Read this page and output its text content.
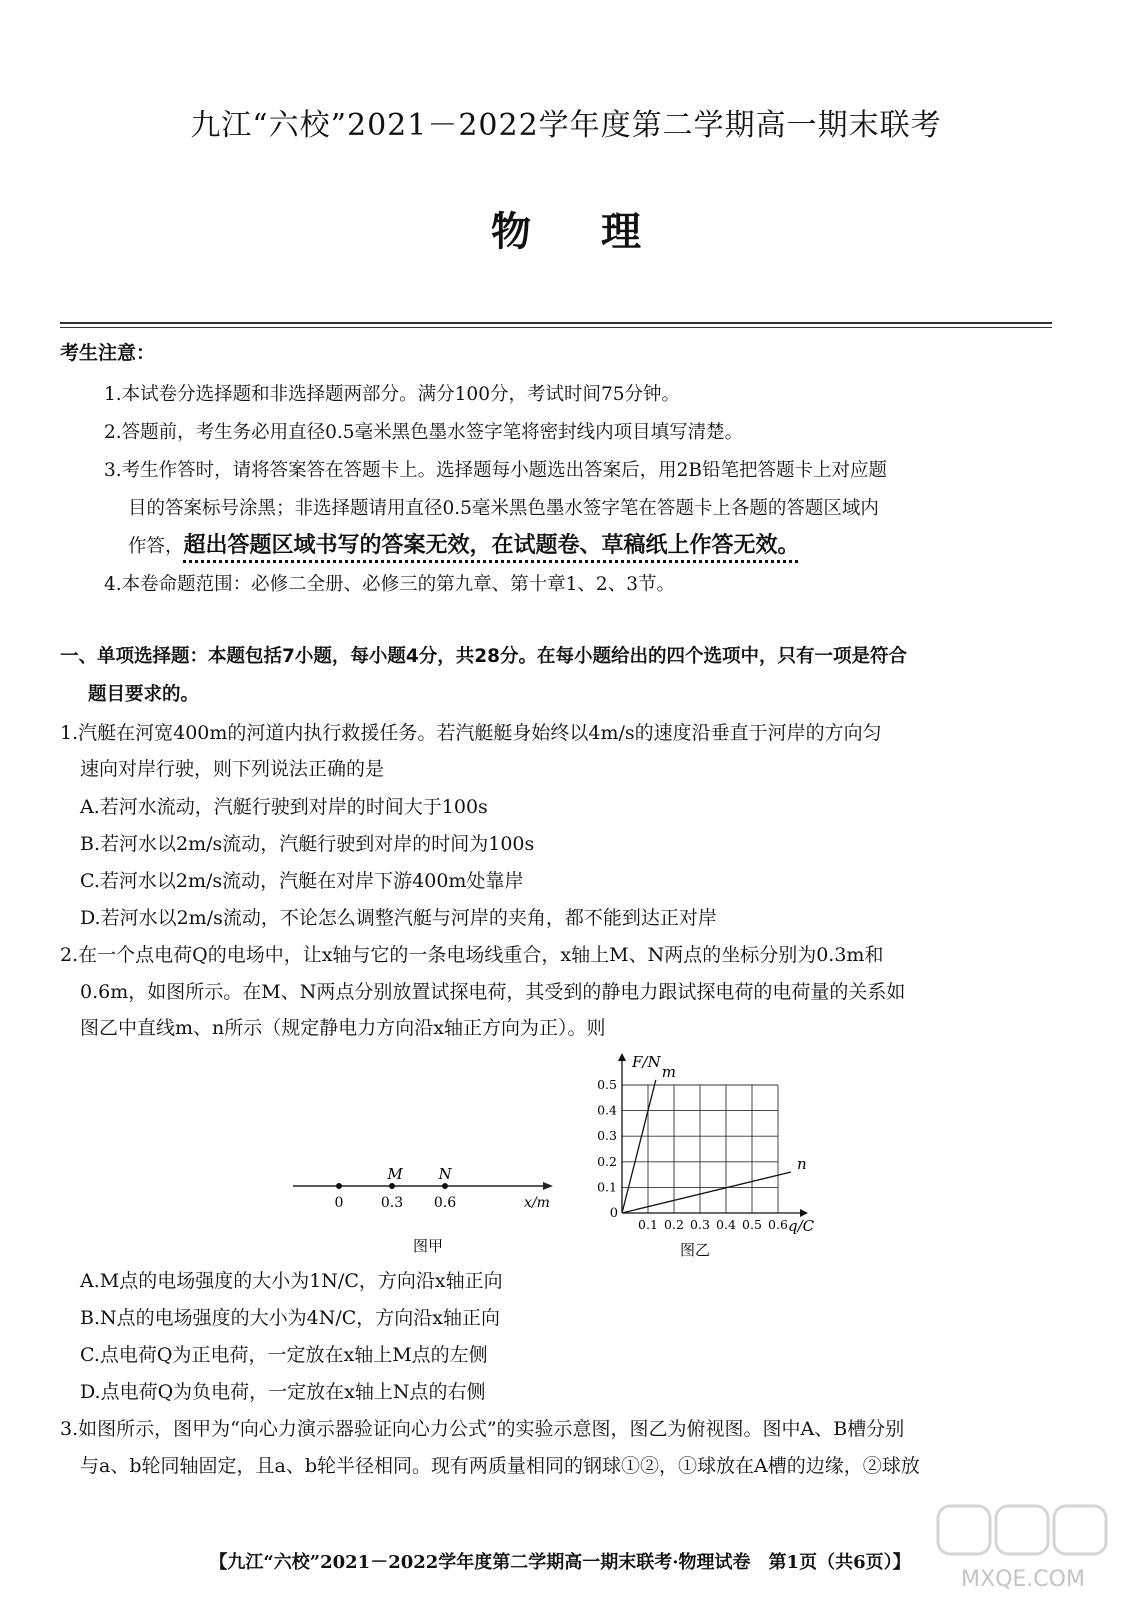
九江“六校”2021－2022学年度第二学期高一期末联考
物理
考生注意：
1.本试卷分选择题和非选择题两部分。满分100分，考试时间75分钟。
2.答题前，考生务必用直径0.5毫米黑色墨水签字笔将密封线内项目填写清楚。
3.考生作答时，请将答案答在答题卡上。选择题每小题选出答案后，用2B铅笔把答题卡上对应题
目的答案标号涂黑；非选择题请用直径0.5毫米黑色墨水签字笔在答题卡上各题的答题区域内
作答，超出答题区域书写的答案无效，在试题卷、草稿纸上作答无效。
4.本卷命题范围：必修二全册、必修三的第九章、第十章1、2、3节。
一、单项选择题：本题包括7小题，每小题4分，共28分。在每小题给出的四个选项中，只有一项是符合
题目要求的。
1.汽艇在河宽400m的河道内执行救援任务。若汽艇艇身始终以4m/s的速度沿垂直于河岸的方向匀
速向对岸行驶，则下列说法正确的是
A.若河水流动，汽艇行驶到对岸的时间大于100s
B.若河水以2m/s流动，汽艇行驶到对岸的时间为100s
C.若河水以2m/s流动，汽艇在对岸下游400m处靠岸
D.若河水以2m/s流动，不论怎么调整汽艇与河岸的夹角，都不能到达正对岸
2.在一个点电荷Q的电场中，让x轴与它的一条电场线重合，x轴上M、N两点的坐标分别为0.3m和
0.6m，如图所示。在M、N两点分别放置试探电荷，其受到的静电力跟试探电荷的电荷量的关系如
图乙中直线m、n所示（规定静电力方向沿x轴正方向为正）。则
M N
0	0.3 0.6	x/m
图甲
0.1 0.2 0.3 0.4 0.5 0.6
0.1
0.2
0.3
0.4
0.5
m
n
q/C
F/N
0
图乙
A.M点的电场强度的大小为1N/C，方向沿x轴正向
B.N点的电场强度的大小为4N/C，方向沿x轴正向
C.点电荷Q为正电荷，一定放在x轴上M点的左侧
D.点电荷Q为负电荷，一定放在x轴上N点的右侧
3.如图所示，图甲为“向心力演示器验证向心力公式”的实验示意图，图乙为俯视图。图中A、B槽分别
与a、b轮同轴固定，且a、b轮半径相同。现有两质量相同的钢球①②，①球放在A槽的边缘，②球放
【九江“六校”2021－2022学年度第二学期高一期末联考·物理试卷　第1页（共6页）】
MXQE.COM
